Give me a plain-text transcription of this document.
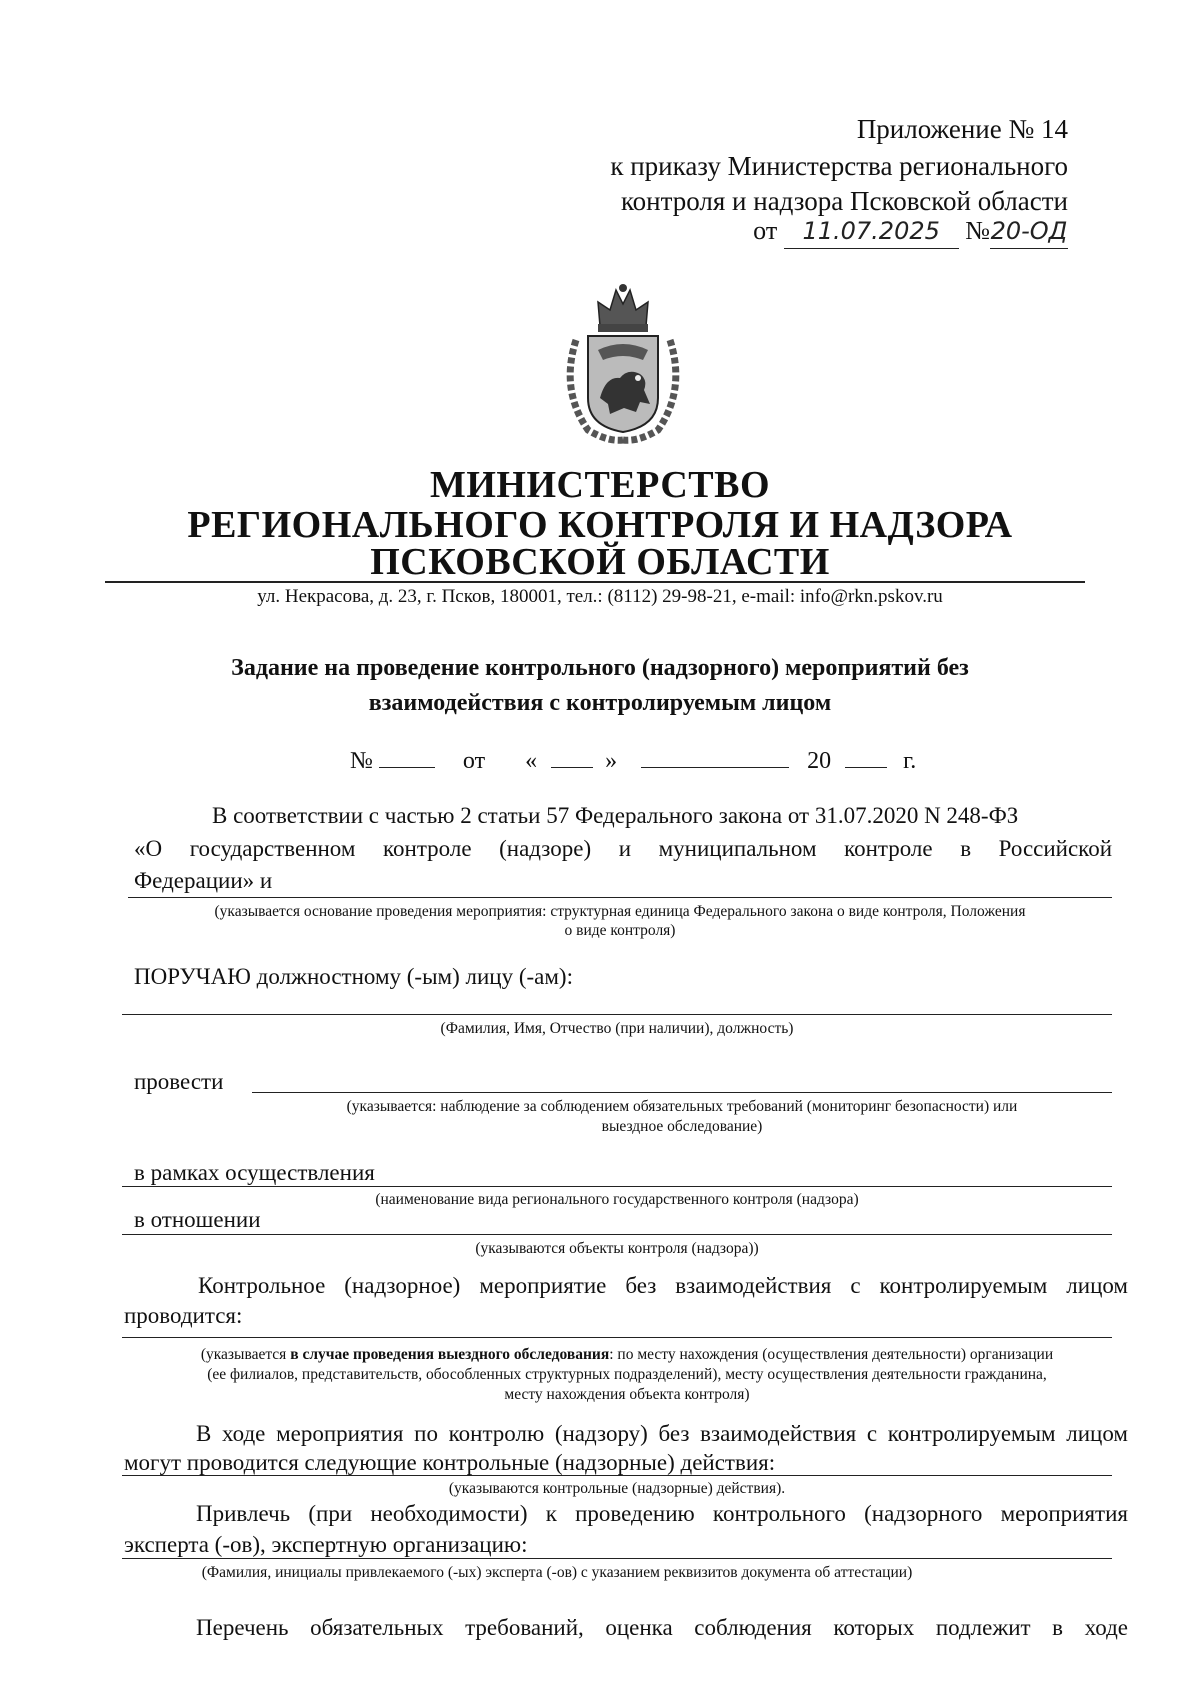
Приложение № 14
к приказу Министерства регионального
контроля и надзора Псковской области
от 11.07.2025 №20-ОД
МИНИСТЕРСТВО
РЕГИОНАЛЬНОГО КОНТРОЛЯ И НАДЗОРА
ПСКОВСКОЙ ОБЛАСТИ
ул. Некрасова, д. 23, г. Псков, 180001, тел.: (8112) 29-98-21, e-mail: info@rkn.pskov.ru
Задание на проведение контрольного (надзорного) мероприятий без
взаимодействия с контролируемым лицом
№	от «	»	20	г.
В соответствии с частью 2 статьи 57 Федерального закона от 31.07.2020 N 248-ФЗ
«О государственном контроле (надзоре) и муниципальном контроле в Российской
Федерации» и
(указывается основание проведения мероприятия: структурная единица Федерального закона о виде контроля, Положения
о виде контроля)
ПОРУЧАЮ должностному (-ым) лицу (-ам):
(Фамилия, Имя, Отчество (при наличии), должность)
провести
(указывается: наблюдение за соблюдением обязательных требований (мониторинг безопасности) или
выездное обследование)
в рамках осуществления
(наименование вида регионального государственного контроля (надзора)
в отношении
(указываются объекты контроля (надзора))
Контрольное (надзорное) мероприятие без взаимодействия с контролируемым лицом
проводится:
(указывается в случае проведения выездного обследования: по месту нахождения (осуществления деятельности) организации
(ее филиалов, представительств, обособленных структурных подразделений), месту осуществления деятельности гражданина,
месту нахождения объекта контроля)
В ходе мероприятия по контролю (надзору) без взаимодействия с контролируемым лицом
могут проводится следующие контрольные (надзорные) действия:
(указываются контрольные (надзорные) действия).
Привлечь (при необходимости) к проведению контрольного (надзорного мероприятия
эксперта (-ов), экспертную организацию:
(Фамилия, инициалы привлекаемого (-ых) эксперта (-ов) с указанием реквизитов документа об аттестации)
Перечень обязательных требований, оценка соблюдения которых подлежит в ходе
